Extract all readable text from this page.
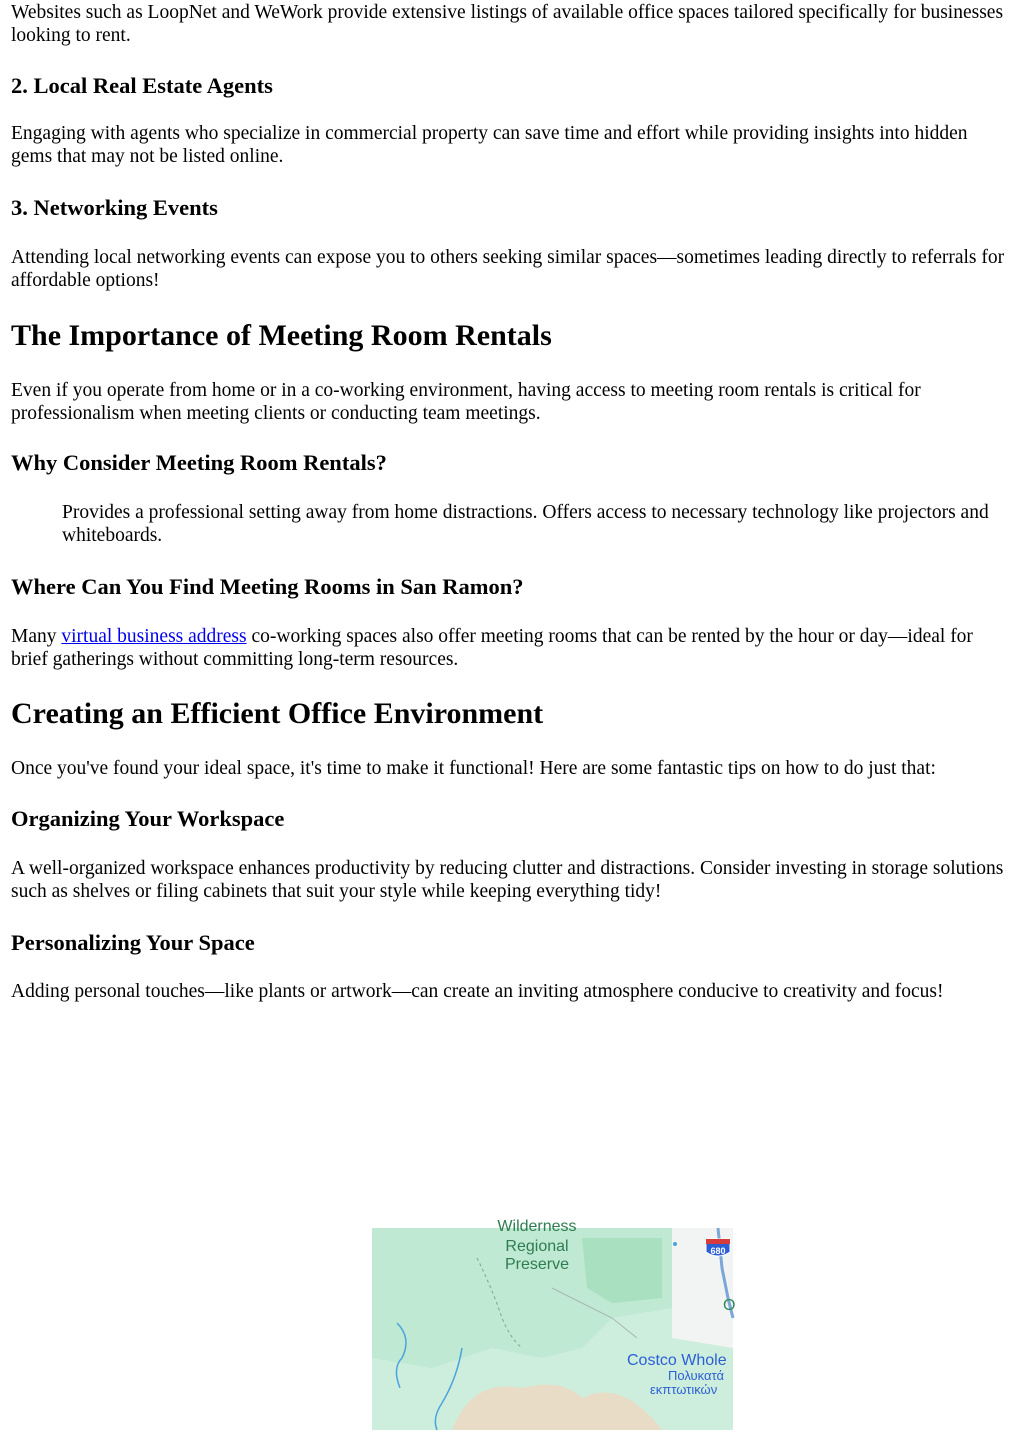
Websites such as LoopNet and WeWork provide extensive listings of available office spaces tailored specifically for businesses looking to rent.

2. Local Real Estate Agents

Engaging with agents who specialize in commercial property can save time and effort while providing insights into hidden gems that may not be listed online.

3. Networking Events

Attending local networking events can expose you to others seeking similar spaces—sometimes leading directly to referrals for affordable options!

The Importance of Meeting Room Rentals

Even if you operate from home or in a co-working environment, having access to meeting room rentals is critical for professionalism when meeting clients or conducting team meetings.

Why Consider Meeting Room Rentals?

Provides a professional setting away from home distractions. Offers access to necessary technology like projectors and whiteboards.

Where Can You Find Meeting Rooms in San Ramon?

Many virtual business address co-working spaces also offer meeting rooms that can be rented by the hour or day—ideal for brief gatherings without committing long-term resources.

Creating an Efficient Office Environment

Once you've found your ideal space, it's time to make it functional! Here are some fantastic tips on how to do just that:

Organizing Your Workspace

A well-organized workspace enhances productivity by reducing clutter and distractions. Consider investing in storage solutions such as shelves or filing cabinets that suit your style while keeping everything tidy!

Personalizing Your Space

Adding personal touches—like plants or artwork—can create an inviting atmosphere conducive to creativity and focus!

Wilderness
Regional
Preserve
680
O
Costco Whole
Πολυκατά
εκπτωτικών
